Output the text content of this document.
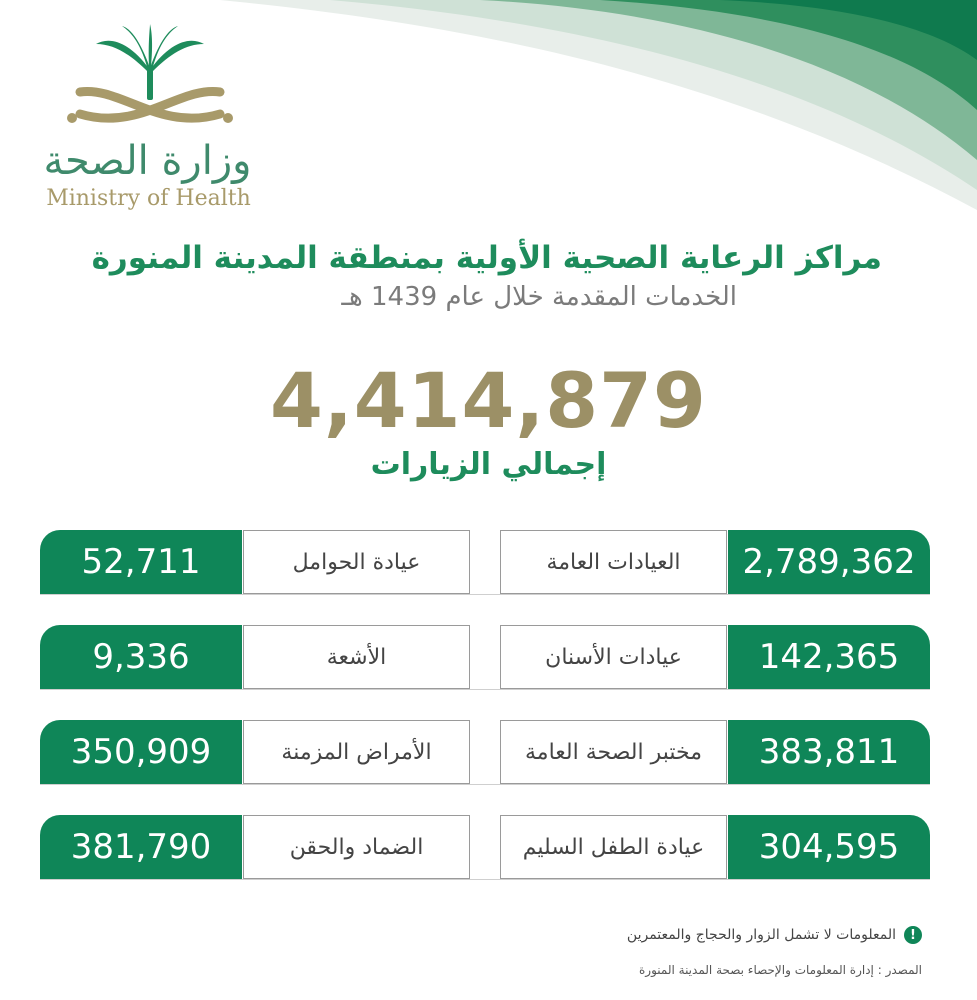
وزارة الصحة
Ministry of Health
مراكز الرعاية الصحية الأولية بمنطقة المدينة المنورة
الخدمات المقدمة خلال عام 1439 هـ
4,414,879
إجمالي الزيارات
52,711	عيادة الحوامل	العيادات العامة	2,789,362
9,336	الأشعة	عيادات الأسنان	142,365
350,909	الأمراض المزمنة	مختبر الصحة العامة	383,811
381,790	الضماد والحقن	عيادة الطفل السليم	304,595
!
المعلومات لا تشمل الزوار والحجاج والمعتمرين
المصدر : إدارة المعلومات والإحصاء بصحة المدينة المنورة
